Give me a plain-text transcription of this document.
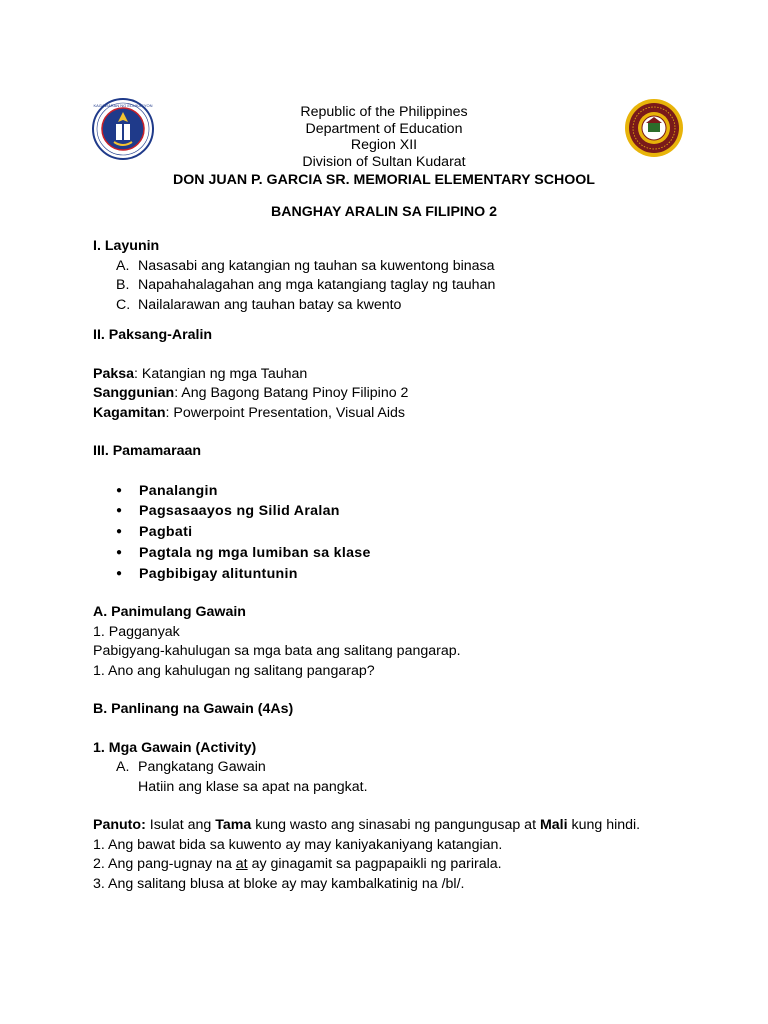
KAGAWARAN NG EDUKASYON	Republic of the Philippines
Department of Education
Region XII
Division of Sultan Kudarat
DON JUAN P. GARCIA SR. MEMORIAL ELEMENTARY SCHOOL
BANGHAY ARALIN SA FILIPINO 2
I. Layunin
A. Nasasabi ang katangian ng tauhan sa kuwentong binasa
B. Napahahalagahan ang mga katangiang taglay ng tauhan
C. Nailalarawan ang tauhan batay sa kwento
II. Paksang-Aralin
Paksa: Katangian ng mga Tauhan
Sanggunian: Ang Bagong Batang Pinoy Filipino 2
Kagamitan: Powerpoint Presentation, Visual Aids
III. Pamamaraan
● Panalangin
● Pagsasaayos ng Silid Aralan
● Pagbati
● Pagtala ng mga lumiban sa klase
● Pagbibigay alituntunin
A. Panimulang Gawain
1. Pagganyak
Pabigyang-kahulugan sa mga bata ang salitang pangarap.
1. Ano ang kahulugan ng salitang pangarap?
B. Panlinang na Gawain (4As)
1. Mga Gawain (Activity)
A. Pangkatang Gawain
Hatiin ang klase sa apat na pangkat.
Panuto: Isulat ang Tama kung wasto ang sinasabi ng pangungusap at Mali kung hindi.
1. Ang bawat bida sa kuwento ay may kaniyakaniyang katangian.
2. Ang pang-ugnay na at ay ginagamit sa pagpapaikli ng parirala.
3. Ang salitang blusa at bloke ay may kambalkatinig na /bl/.
